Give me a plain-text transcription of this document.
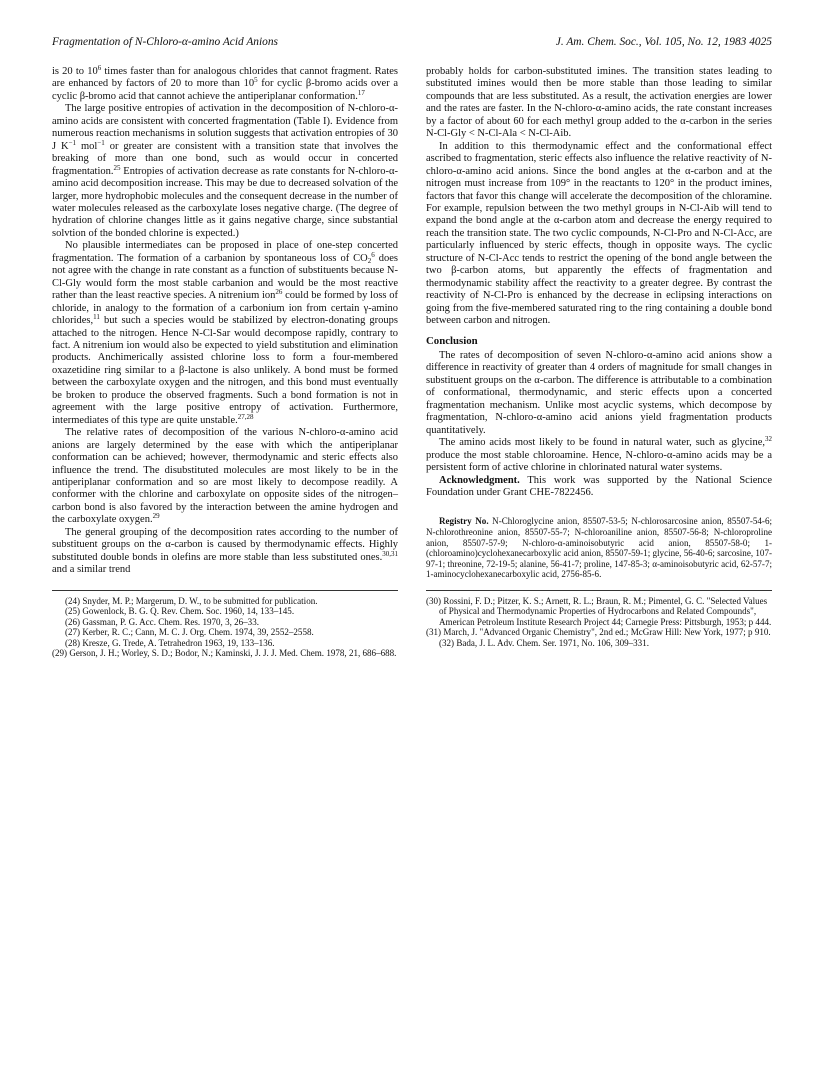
Fragmentation of N-Chloro-α-amino Acid Anions	J. Am. Chem. Soc., Vol. 105, No. 12, 1983 4025

is 20 to $10^6$ times faster than for analogous chlorides that cannot fragment. Rates are enhanced by factors of 20 to more than $10^5$ for cyclic β-bromo acids over a cyclic β-bromo acid that cannot achieve the antiperiplanar conformation.$^{17}$

The large positive entropies of activation in the decomposition of N-chloro-α-amino acids are consistent with concerted fragmentation (Table I). Evidence from numerous reaction mechanisms in solution suggests that activation entropies of 30 J $K^{-1}$ mol$^{-1}$ or greater are consistent with a transition state that involves the breaking of more than one bond, such as would occur in concerted fragmentation.$^{25}$ Entropies of activation decrease as rate constants for N-chloro-α-amino acid decomposition increase. This may be due to decreased solvation of the larger, more hydrophobic molecules and the consequent decrease in the number of water molecules released as the carboxylate loses negative charge. (The degree of hydration of chlorine changes little as it gains negative charge, since substantial solvtion of the bonded chlorine is expected.)

No plausible intermediates can be proposed in place of one-step concerted fragmentation. The formation of a carbanion by spontaneous loss of $CO_2^6$ does not agree with the change in rate constant as a function of substituents because N-Cl-Gly would form the most stable carbanion and would be the most reactive rather than the least reactive species. A nitrenium ion$^{26}$ could be formed by loss of chloride, in analogy to the formation of a carbonium ion from certain γ-amino chlorides,$^{11}$ but such a species would be stabilized by electron-donating groups attached to the nitrogen. Hence N-Cl-Sar would decompose rapidly, contrary to fact. A nitrenium ion would also be expected to yield substitution and elimination products. Anchimerically assisted chlorine loss to form a four-membered oxazetidine ring similar to a β-lactone is also unlikely. A bond must be formed between the carboxylate oxygen and the nitrogen, and this bond must eventually be broken to produce the observed fragments. Such a bond formation is not in agreement with the large positive entropy of activation. Furthermore, intermediates of this type are quite unstable.$^{27,28}$

The relative rates of decomposition of the various N-chloro-α-amino acid anions are largely determined by the ease with which the antiperiplanar conformation can be achieved; however, thermodynamic and steric effects also influence the trend. The disubstituted molecules are most likely to be in the antiperiplanar conformation and so are most likely to decompose readily. A conformer with the chlorine and carboxylate on opposite sides of the nitrogen–carbon bond is also favored by the interaction between the amine hydrogen and the carboxylate oxygen.$^{29}$

The general grouping of the decomposition rates according to the number of substituent groups on the α-carbon is caused by thermodynamic effects. Highly substituted double bonds in olefins are more stable than less substituted ones.$^{30,31}$ and a similar trend

probably holds for carbon-substituted imines. The transition states leading to substituted imines would then be more stable than those leading to similar compounds that are less substituted. As a result, the activation energies are lower and the rates are faster. In the N-chloro-α-amino acids, the rate constant increases by a factor of about 60 for each methyl group added to the α-carbon in the series N-Cl-Gly < N-Cl-Ala < N-Cl-Aib.

In addition to this thermodynamic effect and the conformational effect ascribed to fragmentation, steric effects also influence the relative reactivity of N-chloro-α-amino acid anions. Since the bond angles at the α-carbon and at the nitrogen must increase from 109° in the reactants to 120° in the product imines, factors that favor this change will accelerate the decomposition of the chloramine. For example, repulsion between the two methyl groups in N-Cl-Aib will tend to expand the bond angle at the α-carbon atom and decrease the energy required to reach the transition state. The two cyclic compounds, N-Cl-Pro and N-Cl-Acc, are particularly influenced by steric effects, though in opposite ways. The cyclic structure of N-Cl-Acc tends to restrict the opening of the bond angle between the two β-carbon atoms, but apparently the effects of fragmentation and thermodynamic stability affect the reactivity to a greater degree. By contrast the reactivity of N-Cl-Pro is enhanced by the decrease in eclipsing interactions on going from the five-membered saturated ring to the ring containing a double bond between carbon and nitrogen.

Conclusion

The rates of decomposition of seven N-chloro-α-amino acid anions show a difference in reactivity of greater than 4 orders of magnitude for small changes in substituent groups on the α-carbon. The difference is attributable to a combination of conformational, thermodynamic, and steric effects upon a concerted fragmentation mechanism. Unlike most acyclic systems, which decompose by fragmentation, N-chloro-α-amino acid anions yield fragmentation products quantitatively.

The amino acids most likely to be found in natural water, such as glycine,$^{32}$ produce the most stable chloroamine. Hence, N-chloro-α-amino acids may be a persistent form of active chlorine in chlorinated natural water systems.

Acknowledgment. This work was supported by the National Science Foundation under Grant CHE-7822456.

Registry No. N-Chloroglycine anion, 85507-53-5; N-chlorosarcosine anion, 85507-54-6; N-chlorothreonine anion, 85507-55-7; N-chloroaniline anion, 85507-56-8; N-chloroproline anion, 85507-57-9; N-chloro-α-aminoisobutyric acid anion, 85507-58-0; 1-(chloroamino)cyclohexanecarboxylic acid anion, 85507-59-1; glycine, 56-40-6; sarcosine, 107-97-1; threonine, 72-19-5; alanine, 56-41-7; proline, 147-85-3; α-aminoisobutyric acid, 62-57-7; 1-aminocyclohexanecarboxylic acid, 2756-85-6.

(24) Snyder, M. P.; Margerum, D. W., to be submitted for publication.

(25) Gowenlock, B. G. Q. Rev. Chem. Soc. 1960, 14, 133–145.

(26) Gassman, P. G. Acc. Chem. Res. 1970, 3, 26–33.

(27) Kerber, R. C.; Cann, M. C. J. Org. Chem. 1974, 39, 2552–2558.

(28) Kresze, G. Trede, A. Tetrahedron 1963, 19, 133–136.

(29) Gerson, J. H.; Worley, S. D.; Bodor, N.; Kaminski, J. J. J. Med. Chem. 1978, 21, 686–688.

(30) Rossini, F. D.; Pitzer, K. S.; Arnett, R. L.; Braun, R. M.; Pimentel, G. C. "Selected Values of Physical and Thermodynamic Properties of Hydrocarbons and Related Compounds", American Petroleum Institute Research Project 44; Carnegie Press: Pittsburgh, 1953; p 444.

(31) March, J. "Advanced Organic Chemistry", 2nd ed.; McGraw Hill: New York, 1977; p 910.

(32) Bada, J. L. Adv. Chem. Ser. 1971, No. 106, 309–331.
